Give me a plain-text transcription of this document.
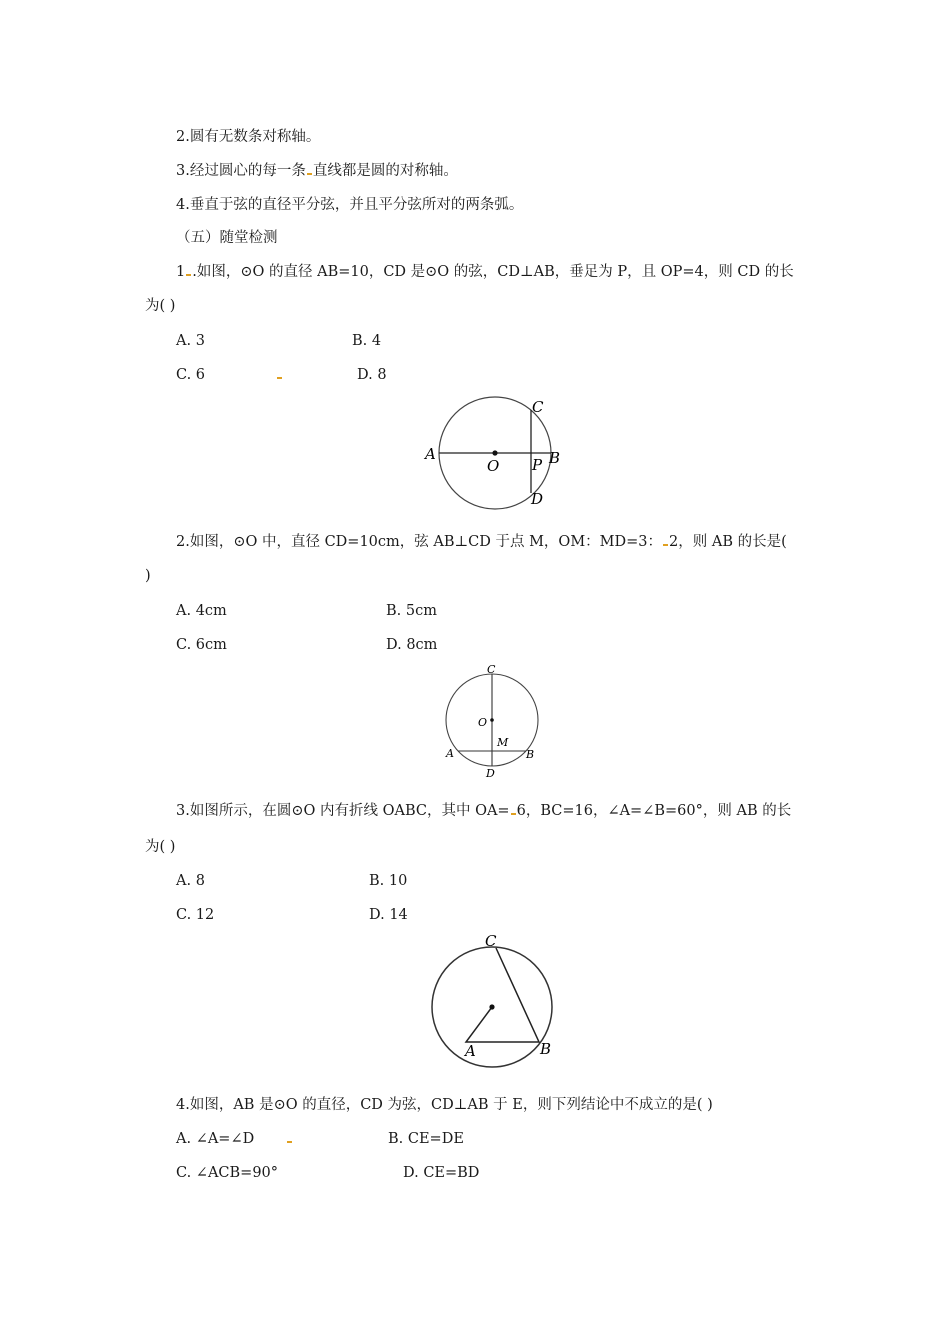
2.圆有无数条对称轴。
3.经过圆心的每一条 直线都是圆的对称轴。
4.垂直于弦的直径平分弦，并且平分弦所对的两条弧。
（五）随堂检测
1 .如图，⊙O 的直径 AB=10，CD 是⊙O 的弦，CD⊥AB，垂足为 P，且 OP=4，则 CD 的长
为( )
A. 3	B. 4
C. 6	D. 8
A	B
C
D
O P
2.如图，⊙O 中，直径 CD=10cm，弦 AB⊥CD 于点 M，OM：MD=3： 2，则 AB 的长是(
)
A. 4cm	B. 5cm
C. 6cm	D. 8cm
C
A	B
D
O
M
3.如图所示，在圆⊙O 内有折线 OABC，其中 OA= 6，BC=16，∠A=∠B=60°，则 AB 的长
为( )
A. 8	B. 10
C. 12	D. 14
C
A	B
4.如图，AB 是⊙O 的直径，CD 为弦，CD⊥AB 于 E，则下列结论中不成立的是( )
A. ∠A=∠D	B. CE=DE
C. ∠ACB=90°	D. CE=BD
